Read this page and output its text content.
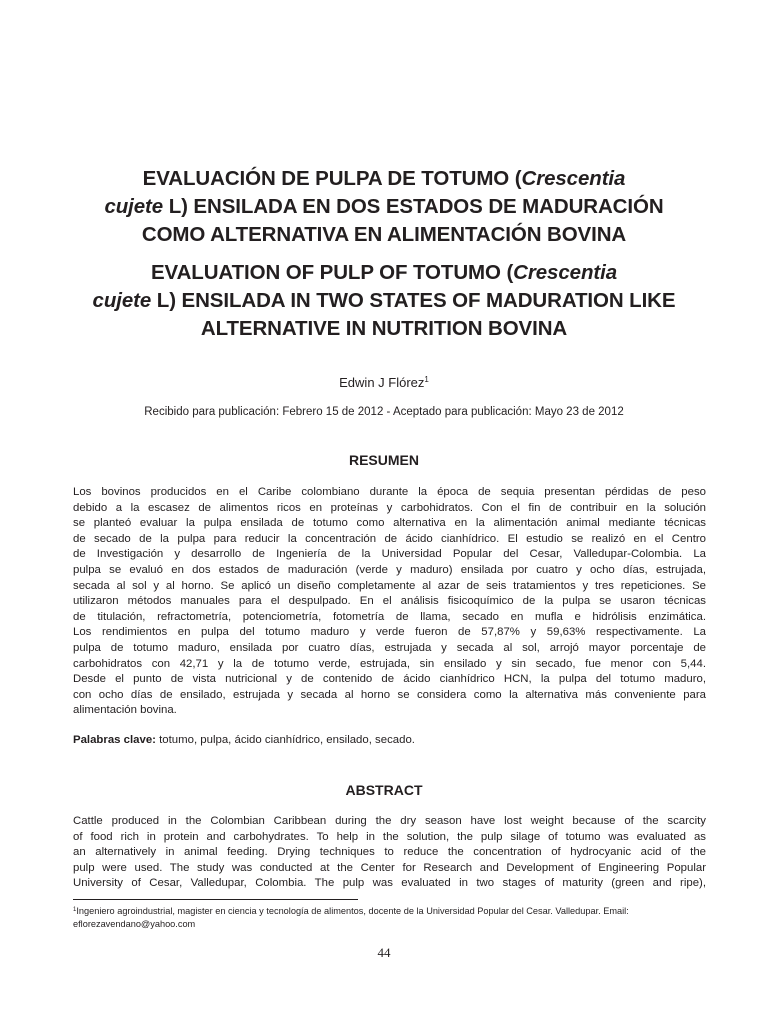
EVALUACIÓN DE PULPA DE TOTUMO (Crescentia
cujete L) ENSILADA EN DOS ESTADOS DE MADURACIÓN
COMO ALTERNATIVA EN ALIMENTACIÓN BOVINA
EVALUATION OF PULP OF TOTUMO (Crescentia
cujete L) ENSILADA IN TWO STATES OF MADURATION LIKE
ALTERNATIVE IN NUTRITION BOVINA
Edwin J Flórez$^1$
Recibido para publicación: Febrero 15 de 2012 - Aceptado para publicación: Mayo 23 de 2012
RESUMEN
Los bovinos producidos en el Caribe colombiano durante la época de sequia presentan pérdidas de peso
debido a la escasez de alimentos ricos en proteínas y carbohidratos. Con el fin de contribuir en la solución
se planteó evaluar la pulpa ensilada de totumo como alternativa en la alimentación animal mediante técnicas
de secado de la pulpa para reducir la concentración de ácido cianhídrico. El estudio se realizó en el Centro
de Investigación y desarrollo de Ingeniería de la Universidad Popular del Cesar, Valledupar-Colombia. La
pulpa se evaluó en dos estados de maduración (verde y maduro) ensilada por cuatro y ocho días, estrujada,
secada al sol y al horno. Se aplicó un diseño completamente al azar de seis tratamientos y tres repeticiones. Se
utilizaron métodos manuales para el despulpado. En el análisis fisicoquímico de la pulpa se usaron técnicas
de titulación, refractometría, potenciometría, fotometría de llama, secado en mufla e hidrólisis enzimática.
Los rendimientos en pulpa del totumo maduro y verde fueron de 57,87% y 59,63% respectivamente. La
pulpa de totumo maduro, ensilada por cuatro días, estrujada y secada al sol, arrojó mayor porcentaje de
carbohidratos con 42,71 y la de totumo verde, estrujada, sin ensilado y sin secado, fue menor con 5,44.
Desde el punto de vista nutricional y de contenido de ácido cianhídrico HCN, la pulpa del totumo maduro,
con ocho días de ensilado, estrujada y secada al horno se considera como la alternativa más conveniente para
alimentación bovina.
Palabras clave: totumo, pulpa, ácido cianhídrico, ensilado, secado.
ABSTRACT
Cattle produced in the Colombian Caribbean during the dry season have lost weight because of the scarcity
of food rich in protein and carbohydrates. To help in the solution, the pulp silage of totumo was evaluated as
an alternatively in animal feeding. Drying techniques to reduce the concentration of hydrocyanic acid of the
pulp were used. The study was conducted at the Center for Research and Development of Engineering Popular
University of Cesar, Valledupar, Colombia. The pulp was evaluated in two stages of maturity (green and ripe),
$^1$Ingeniero agroindustrial, magister en ciencia y tecnología de alimentos, docente de la Universidad Popular del Cesar. Valledupar. Email:
eflorezavendano@yahoo.com
44
